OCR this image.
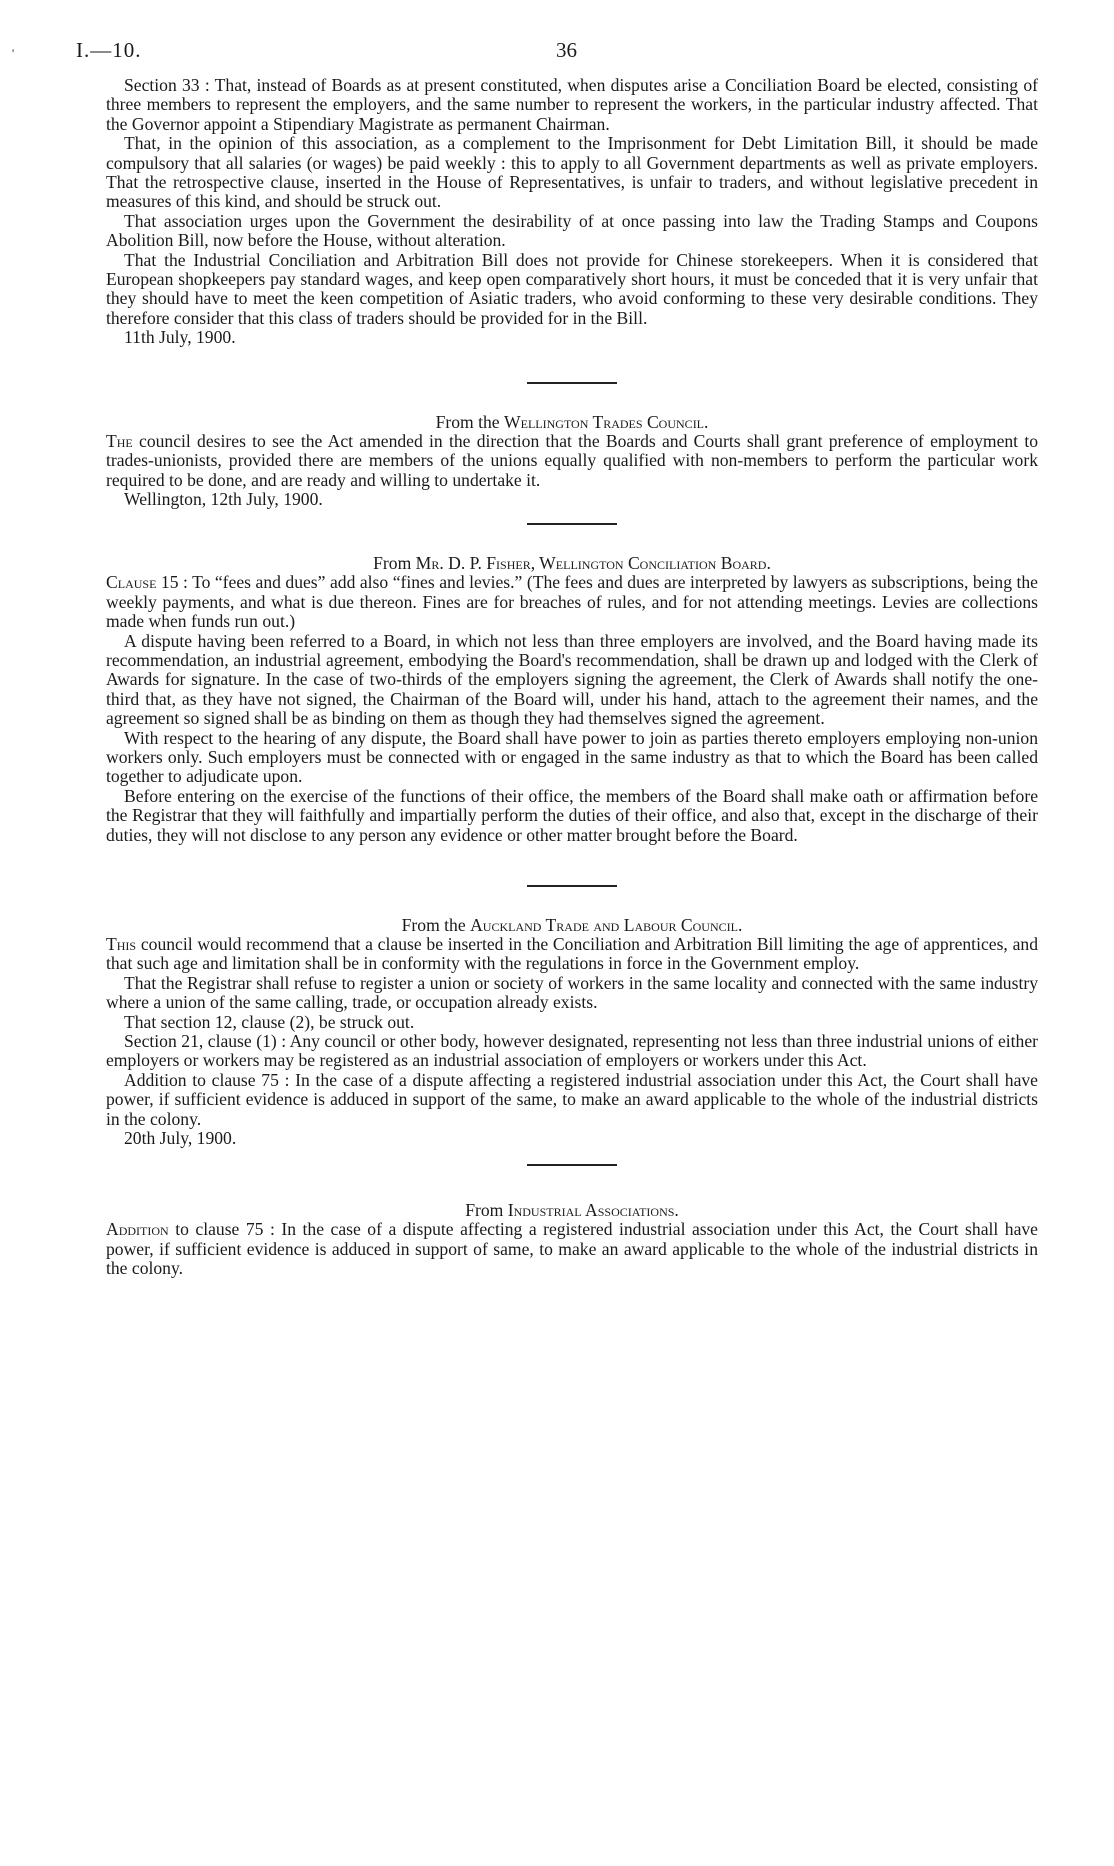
'	I.—10.	36

Section 33 : That, instead of Boards as at present constituted, when disputes arise a Conciliation Board be elected, consisting of three members to represent the employers, and the same number to represent the workers, in the particular industry affected. That the Governor appoint a Stipendiary Magistrate as permanent Chairman.

That, in the opinion of this association, as a complement to the Imprisonment for Debt Limitation Bill, it should be made compulsory that all salaries (or wages) be paid weekly : this to apply to all Government departments as well as private employers. That the retrospective clause, inserted in the House of Representatives, is unfair to traders, and without legislative precedent in measures of this kind, and should be struck out.

That association urges upon the Government the desirability of at once passing into law the Trading Stamps and Coupons Abolition Bill, now before the House, without alteration.

That the Industrial Conciliation and Arbitration Bill does not provide for Chinese storekeepers. When it is considered that European shopkeepers pay standard wages, and keep open comparatively short hours, it must be conceded that it is very unfair that they should have to meet the keen competition of Asiatic traders, who avoid conforming to these very desirable conditions. They therefore consider that this class of traders should be provided for in the Bill.

11th July, 1900.

From the Wellington Trades Council.

The council desires to see the Act amended in the direction that the Boards and Courts shall grant preference of employment to trades-unionists, provided there are members of the unions equally qualified with non-members to perform the particular work required to be done, and are ready and willing to undertake it.

Wellington, 12th July, 1900.

From Mr. D. P. Fisher, Wellington Conciliation Board.

Clause 15 : To “fees and dues” add also “fines and levies.” (The fees and dues are interpreted by lawyers as subscriptions, being the weekly payments, and what is due thereon. Fines are for breaches of rules, and for not attending meetings. Levies are collections made when funds run out.)

A dispute having been referred to a Board, in which not less than three employers are involved, and the Board having made its recommendation, an industrial agreement, embodying the Board's recommendation, shall be drawn up and lodged with the Clerk of Awards for signature. In the case of two-thirds of the employers signing the agreement, the Clerk of Awards shall notify the one-third that, as they have not signed, the Chairman of the Board will, under his hand, attach to the agreement their names, and the agreement so signed shall be as binding on them as though they had themselves signed the agreement.

With respect to the hearing of any dispute, the Board shall have power to join as parties thereto employers employing non-union workers only. Such employers must be connected with or engaged in the same industry as that to which the Board has been called together to adjudicate upon.

Before entering on the exercise of the functions of their office, the members of the Board shall make oath or affirmation before the Registrar that they will faithfully and impartially perform the duties of their office, and also that, except in the discharge of their duties, they will not disclose to any person any evidence or other matter brought before the Board.

From the Auckland Trade and Labour Council.

This council would recommend that a clause be inserted in the Conciliation and Arbitration Bill limiting the age of apprentices, and that such age and limitation shall be in conformity with the regulations in force in the Government employ.

That the Registrar shall refuse to register a union or society of workers in the same locality and connected with the same industry where a union of the same calling, trade, or occupation already exists.

That section 12, clause (2), be struck out.

Section 21, clause (1) : Any council or other body, however designated, representing not less than three industrial unions of either employers or workers may be registered as an industrial association of employers or workers under this Act.

Addition to clause 75 : In the case of a dispute affecting a registered industrial association under this Act, the Court shall have power, if sufficient evidence is adduced in support of the same, to make an award applicable to the whole of the industrial districts in the colony.

20th July, 1900.

From Industrial Associations.

Addition to clause 75 : In the case of a dispute affecting a registered industrial association under this Act, the Court shall have power, if sufficient evidence is adduced in support of same, to make an award applicable to the whole of the industrial districts in the colony.
